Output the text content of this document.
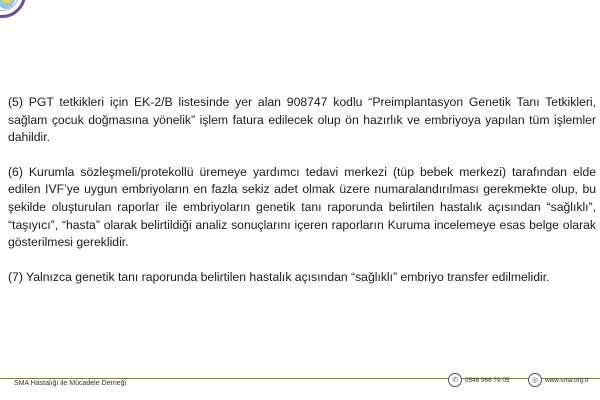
(5) PGT tetkikleri için EK-2/B listesinde yer alan 908747 kodlu “Preimplantasyon Genetik Tanı Tetkikleri, sağlam çocuk doğmasına yönelik” işlem fatura edilecek olup ön hazırlık ve embriyoya yapılan tüm işlemler dahildir.

(6) Kurumla sözleşmeli/protekollü üremeye yardımcı tedavi merkezi (tüp bebek merkezi) tarafından elde edilen IVF’ye uygun embriyoların en fazla sekiz adet olmak üzere numaralandırılması gerekmekte olup, bu şekilde oluşturulan raporlar ile embriyoların genetik tanı raporunda belirtilen hastalık açısından “sağlıklı”, “taşıyıcı”, “hasta” olarak belirtildiği analiz sonuçlarını içeren raporların Kuruma incelemeye esas belge olarak gösterilmesi gereklidir.

(7) Yalnızca genetik tanı raporunda belirtilen hastalık açısından “sağlıklı” embriyo transfer edilmelidir.

SMA Hastalığı ile Mücadele Derneği	✆	0546 966 79 05	◎	www.sma.org.tr
